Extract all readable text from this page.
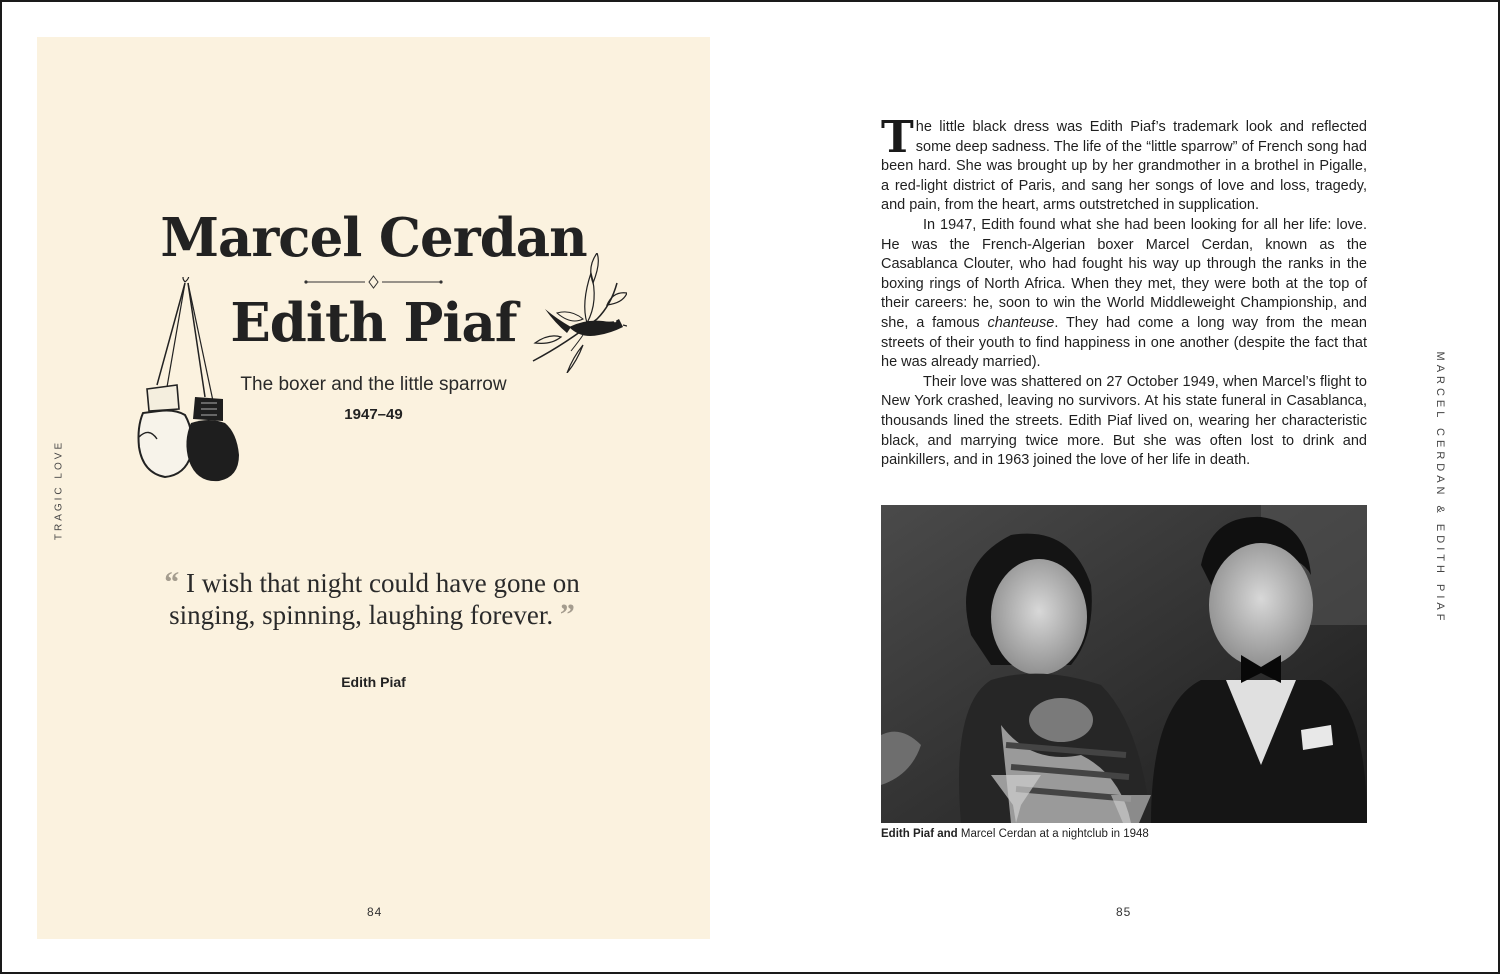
Marcel Cerdan
Edith Piaf
The boxer and the little sparrow
1947–49
“ I wish that night could have gone on singing, spinning, laughing forever. ”
Edith Piaf
TRAGIC LOVE
84

The little black dress was Edith Piaf’s trademark look and reflected some deep sadness. The life of the “little sparrow” of French song had been hard. She was brought up by her grandmother in a brothel in Pigalle, a red-light district of Paris, and sang her songs of love and loss, tragedy, and pain, from the heart, arms outstretched in supplication.

In 1947, Edith found what she had been looking for all her life: love. He was the French-Algerian boxer Marcel Cerdan, known as the Casablanca Clouter, who had fought his way up through the ranks in the boxing rings of North Africa. When they met, they were both at the top of their careers: he, soon to win the World Middleweight Championship, and she, a famous chanteuse. They had come a long way from the mean streets of their youth to find happiness in one another (despite the fact that he was already married).

Their love was shattered on 27 October 1949, when Marcel’s flight to New York crashed, leaving no survivors. At his state funeral in Casablanca, thousands lined the streets. Edith Piaf lived on, wearing her characteristic black, and marrying twice more. But she was often lost to drink and painkillers, and in 1963 joined the love of her life in death.

Edith Piaf and Marcel Cerdan at a nightclub in 1948
MARCEL CERDAN & EDITH PIAF
85
